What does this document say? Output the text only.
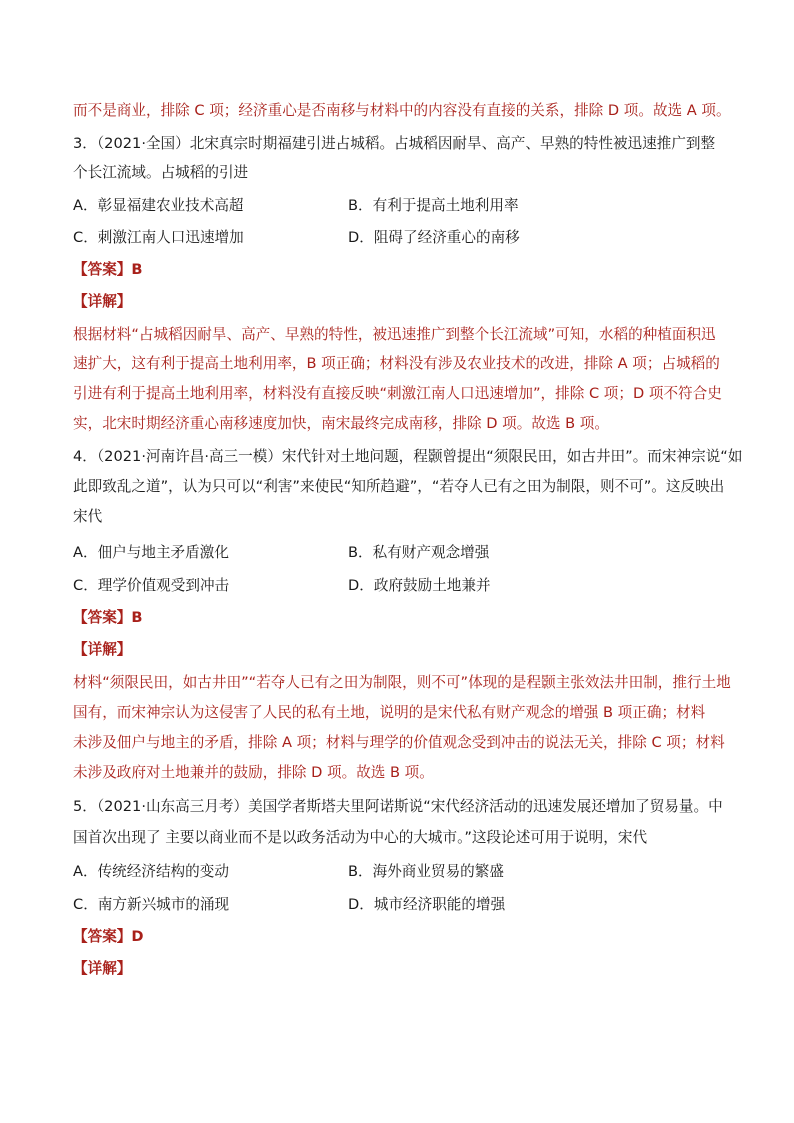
而不是商业，排除 C 项；经济重心是否南移与材料中的内容没有直接的关系，排除 D 项。故选 A 项。
3．（2021·全国）北宋真宗时期福建引进占城稻。占城稻因耐旱、高产、早熟的特性被迅速推广到整
个长江流域。占城稻的引进
A．彰显福建农业技术高超	B．有利于提高土地利用率
C．刺激江南人口迅速增加	D．阻碍了经济重心的南移
【答案】B
【详解】
根据材料“占城稻因耐旱、高产、早熟的特性，被迅速推广到整个长江流域”可知，水稻的种植面积迅
速扩大，这有利于提高土地利用率，B 项正确；材料没有涉及农业技术的改进，排除 A 项；占城稻的
引进有利于提高土地利用率，材料没有直接反映“刺激江南人口迅速增加”，排除 C 项；D 项不符合史
实，北宋时期经济重心南移速度加快，南宋最终完成南移，排除 D 项。故选 B 项。
4．（2021·河南许昌·高三一模）宋代针对土地问题，程颢曾提出“须限民田，如古井田”。而宋神宗说“如
此即致乱之道”，认为只可以“利害”来使民“知所趋避”，“若夺人已有之田为制限，则不可”。这反映出
宋代
A．佃户与地主矛盾激化	B．私有财产观念增强
C．理学价值观受到冲击	D．政府鼓励土地兼并
【答案】B
【详解】
材料“须限民田，如古井田”“若夺人已有之田为制限，则不可”体现的是程颢主张效法井田制，推行土地
国有，而宋神宗认为这侵害了人民的私有土地，说明的是宋代私有财产观念的增强 B 项正确；材料
未涉及佃户与地主的矛盾，排除 A 项；材料与理学的价值观念受到冲击的说法无关，排除 C 项；材料
未涉及政府对土地兼并的鼓励，排除 D 项。故选 B 项。
5．（2021·山东高三月考）美国学者斯塔夫里阿诺斯说“宋代经济活动的迅速发展还增加了贸易量。中
国首次出现了 主要以商业而不是以政务活动为中心的大城市。”这段论述可用于说明，宋代
A．传统经济结构的变动	B．海外商业贸易的繁盛
C．南方新兴城市的涌现	D．城市经济职能的增强
【答案】D
【详解】
